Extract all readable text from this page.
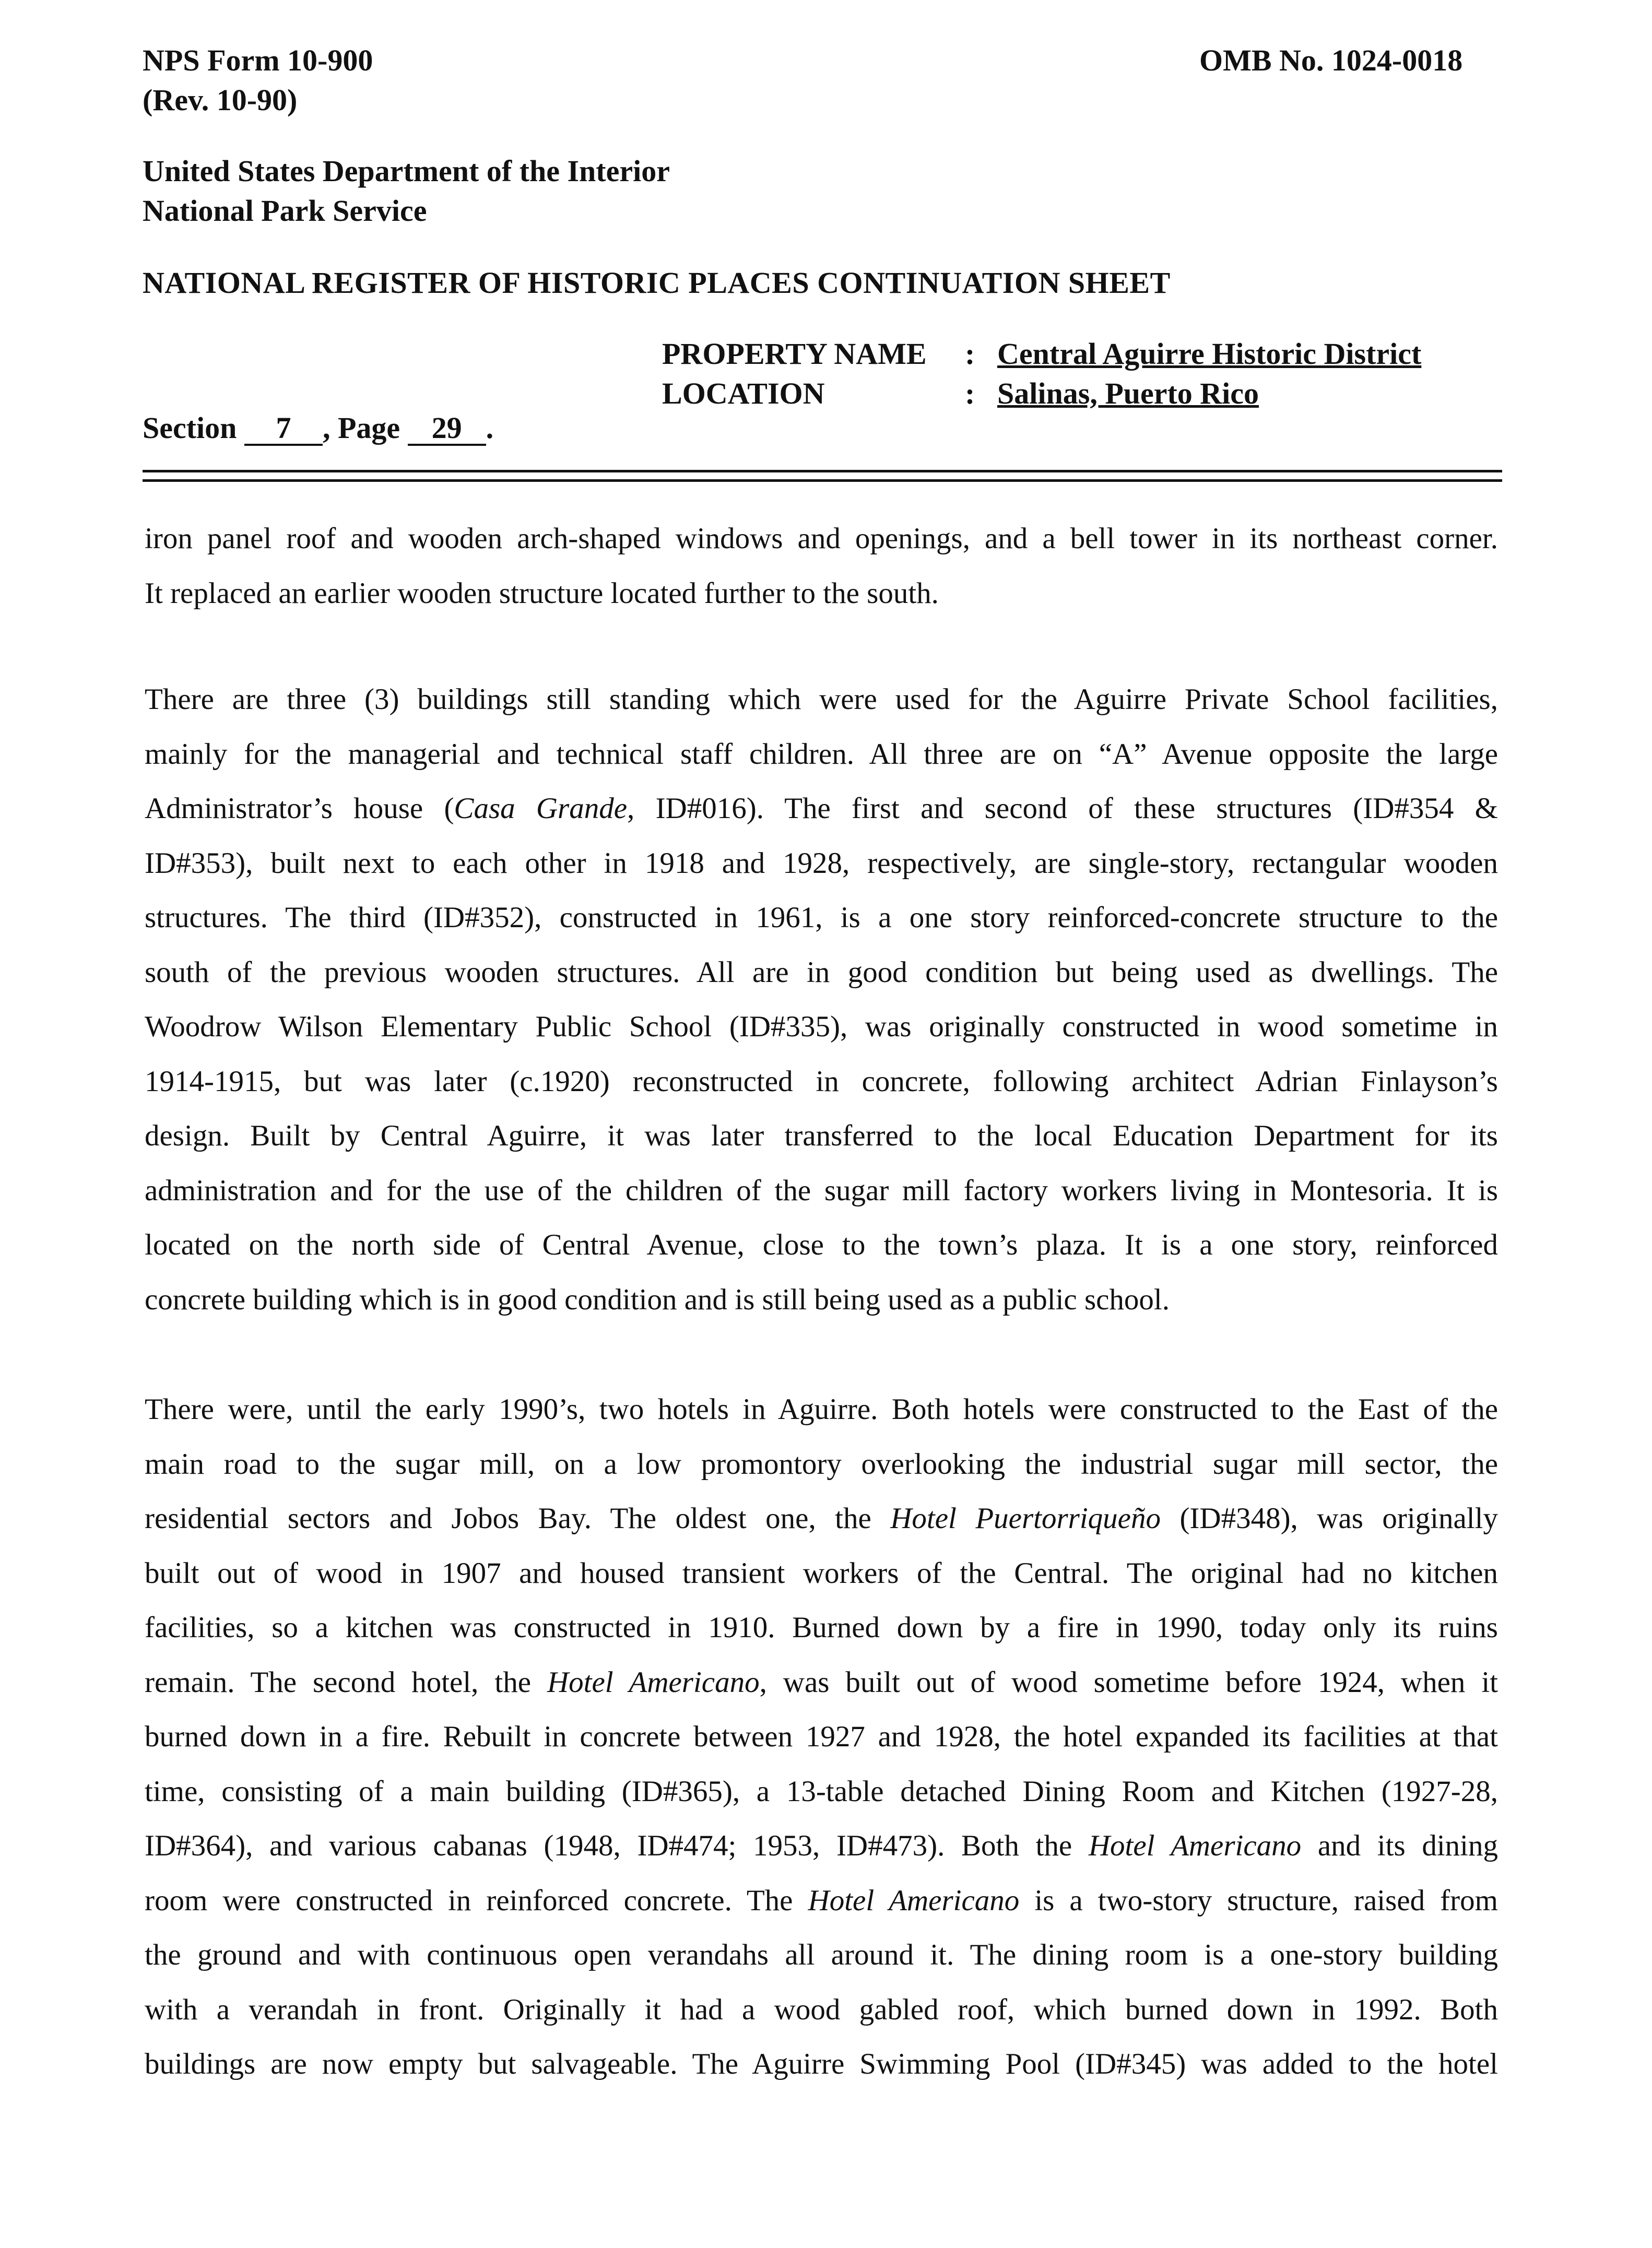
NPS Form 10-900
(Rev. 10-90)
OMB No. 1024-0018
United States Department of the Interior
National Park Service
NATIONAL REGISTER OF HISTORIC PLACES CONTINUATION SHEET
PROPERTY NAME
LOCATION
:
:
Central Aguirre Historic District
Salinas, Puerto Rico
Section 7 , Page 29 .
iron panel roof and wooden arch-shaped windows and openings, and a bell tower in its northeast corner.
It replaced an earlier wooden structure located further to the south.
There are three (3) buildings still standing which were used for the Aguirre Private School facilities,
mainly for the managerial and technical staff children. All three are on “A” Avenue opposite the large
Administrator’s house (Casa Grande, ID#016). The first and second of these structures (ID#354 &
ID#353), built next to each other in 1918 and 1928, respectively, are single-story, rectangular wooden
structures. The third (ID#352), constructed in 1961, is a one story reinforced-concrete structure to the
south of the previous wooden structures. All are in good condition but being used as dwellings. The
Woodrow Wilson Elementary Public School (ID#335), was originally constructed in wood sometime in
1914-1915, but was later (c.1920) reconstructed in concrete, following architect Adrian Finlayson’s
design. Built by Central Aguirre, it was later transferred to the local Education Department for its
administration and for the use of the children of the sugar mill factory workers living in Montesoria. It is
located on the north side of Central Avenue, close to the town’s plaza. It is a one story, reinforced
concrete building which is in good condition and is still being used as a public school.
There were, until the early 1990’s, two hotels in Aguirre. Both hotels were constructed to the East of the
main road to the sugar mill, on a low promontory overlooking the industrial sugar mill sector, the
residential sectors and Jobos Bay. The oldest one, the Hotel Puertorriqueño (ID#348), was originally
built out of wood in 1907 and housed transient workers of the Central. The original had no kitchen
facilities, so a kitchen was constructed in 1910. Burned down by a fire in 1990, today only its ruins
remain. The second hotel, the Hotel Americano, was built out of wood sometime before 1924, when it
burned down in a fire. Rebuilt in concrete between 1927 and 1928, the hotel expanded its facilities at that
time, consisting of a main building (ID#365), a 13-table detached Dining Room and Kitchen (1927-28,
ID#364), and various cabanas (1948, ID#474; 1953, ID#473). Both the Hotel Americano and its dining
room were constructed in reinforced concrete. The Hotel Americano is a two-story structure, raised from
the ground and with continuous open verandahs all around it. The dining room is a one-story building
with a verandah in front. Originally it had a wood gabled roof, which burned down in 1992. Both
buildings are now empty but salvageable. The Aguirre Swimming Pool (ID#345) was added to the hotel
